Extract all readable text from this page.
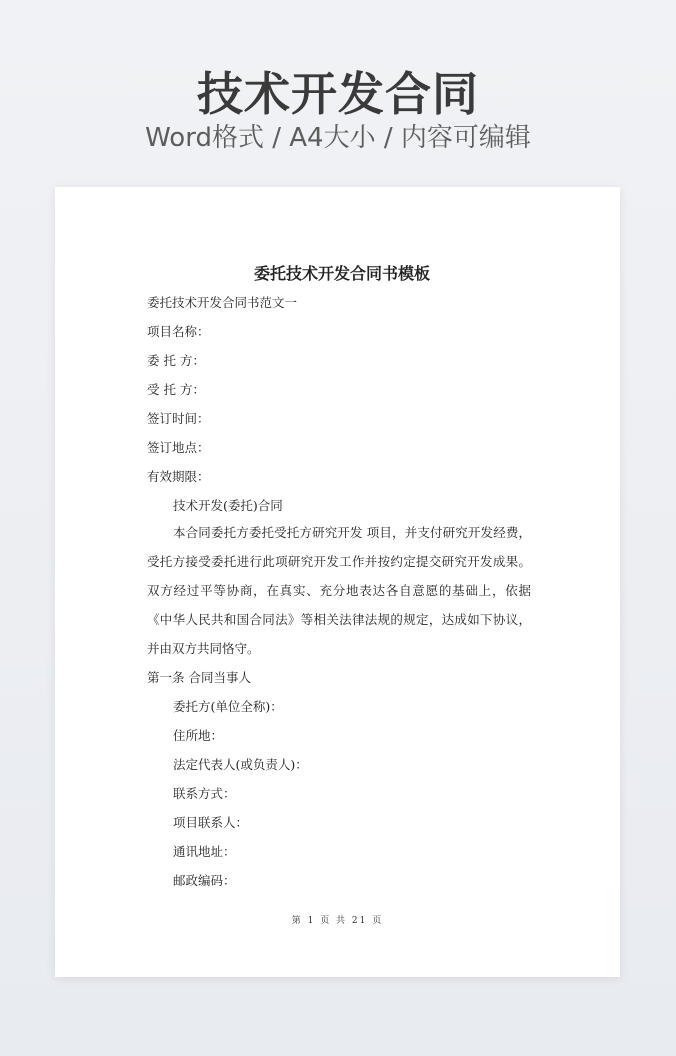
技术开发合同
Word格式 / A4大小 / 内容可编辑
委托技术开发合同书模板
委托技术开发合同书范文一
项目名称：
委 托 方：
受 托 方：
签订时间：
签订地点：
有效期限：
技术开发(委托)合同
本合同委托方委托受托方研究开发 项目，并支付研究开发经费，受托方接受委托进行此项研究开发工作并按约定提交研究开发成果。双方经过平等协商，在真实、充分地表达各自意愿的基础上，依据《中华人民共和国合同法》等相关法律法规的规定，达成如下协议，并由双方共同恪守。
第一条 合同当事人
委托方(单位全称)：
住所地：
法定代表人(或负责人)：
联系方式：
项目联系人：
通讯地址：
邮政编码：
第 1 页 共 21 页
